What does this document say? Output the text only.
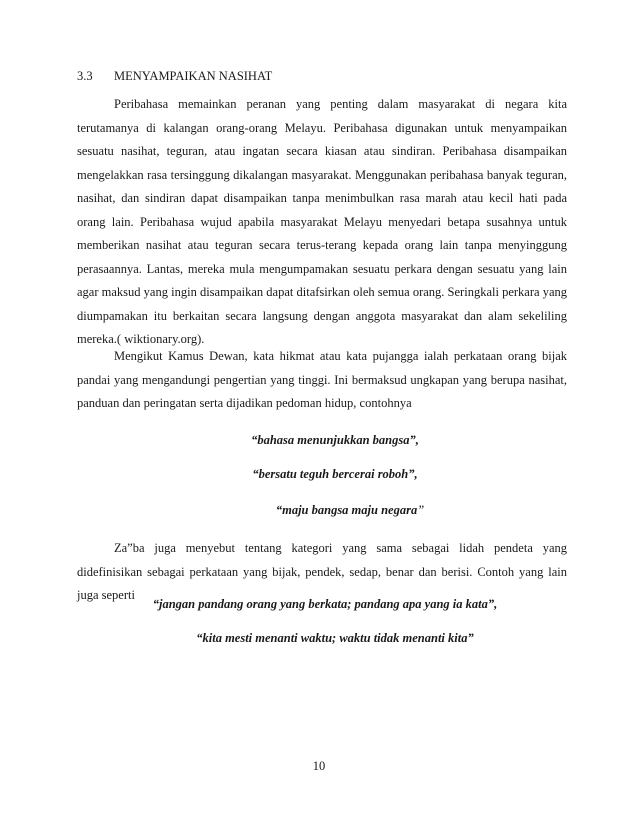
3.3	MENYAMPAIKAN NASIHAT

Peribahasa memainkan peranan yang penting dalam masyarakat di negara kita terutamanya di kalangan orang-orang Melayu. Peribahasa digunakan untuk menyampaikan sesuatu nasihat, teguran, atau ingatan secara kiasan atau sindiran. Peribahasa disampaikan mengelakkan rasa tersinggung dikalangan masyarakat. Menggunakan peribahasa banyak teguran, nasihat, dan sindiran dapat disampaikan tanpa menimbulkan rasa marah atau kecil hati pada orang lain. Peribahasa wujud apabila masyarakat Melayu menyedari betapa susahnya untuk memberikan nasihat atau teguran secara terus-terang kepada orang lain tanpa menyinggung perasaannya. Lantas, mereka mula mengumpamakan sesuatu perkara dengan sesuatu yang lain agar maksud yang ingin disampaikan dapat ditafsirkan oleh semua orang. Seringkali perkara yang diumpamakan itu berkaitan secara langsung dengan anggota masyarakat dan alam sekeliling mereka.( wiktionary.org).

Mengikut Kamus Dewan, kata hikmat atau kata pujangga ialah perkataan orang bijak pandai yang mengandungi pengertian yang tinggi. Ini bermaksud ungkapan yang berupa nasihat, panduan dan peringatan serta dijadikan pedoman hidup, contohnya

“bahasa menunjukkan bangsa”,
“bersatu teguh bercerai roboh”,
“maju bangsa maju negara”

Za”ba juga menyebut tentang kategori yang sama sebagai lidah pendeta yang didefinisikan sebagai perkataan yang bijak, pendek, sedap, benar dan berisi. Contoh yang lain juga seperti

“jangan pandang orang yang berkata; pandang apa yang ia kata”,
“kita mesti menanti waktu; waktu tidak menanti kita”
10
